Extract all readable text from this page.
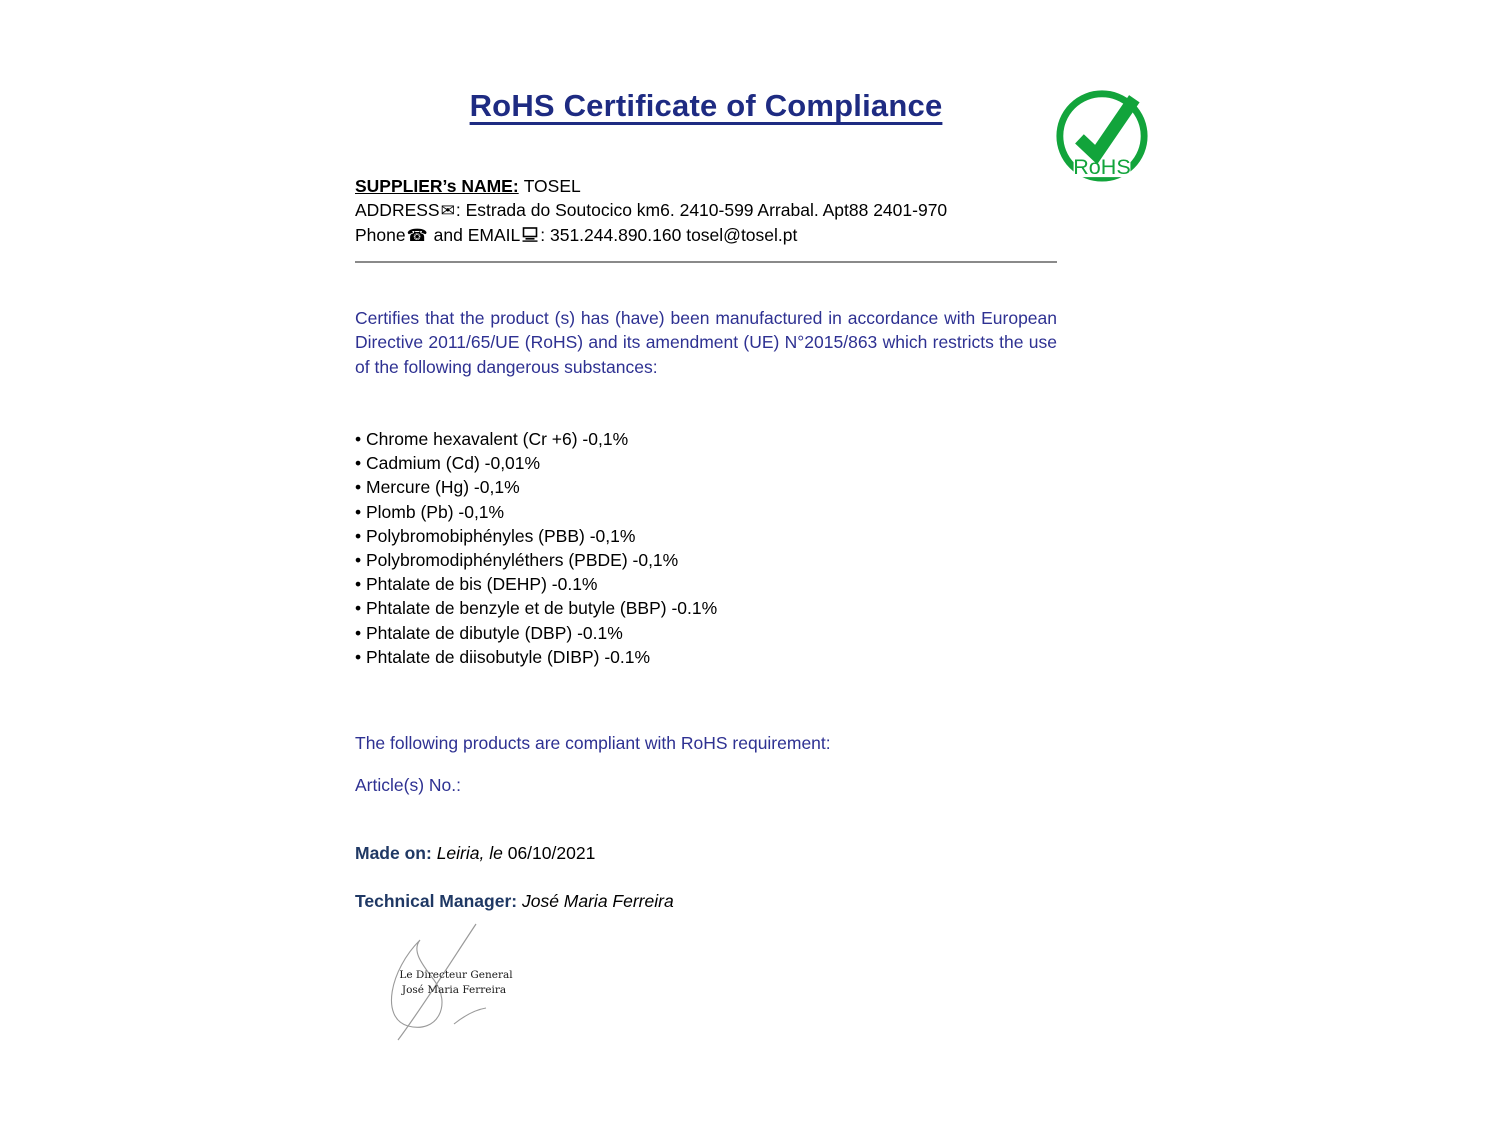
RoHS Certificate of Compliance
RoHS

SUPPLIER’s NAME: TOSEL

ADDRESS✉: Estrada do Soutocico km6. 2410-599 Arrabal. Apt88 2401-970

Phone☎ and EMAIL : 351.244.890.160 tosel@tosel.pt

Certifies that the product (s) has (have) been manufactured in accordance with European Directive 2011/65/UE (RoHS) and its amendment (UE) N°2015/863 which restricts the use of the following dangerous substances:

• Chrome hexavalent (Cr +6) -0,1%
• Cadmium (Cd) -0,01%
• Mercure (Hg) -0,1%
• Plomb (Pb) -0,1%
• Polybromobiphényles (PBB) -0,1%
• Polybromodiphényléthers (PBDE) -0,1%
• Phtalate de bis (DEHP) -0.1%
• Phtalate de benzyle et de butyle (BBP) -0.1%
• Phtalate de dibutyle (DBP) -0.1%
• Phtalate de diisobutyle (DIBP) -0.1%

The following products are compliant with RoHS requirement:

Article(s) No.:

Made on: Leiria, le 06/10/2021

Technical Manager: José Maria Ferreira

Le Directeur General
José Maria Ferreira
